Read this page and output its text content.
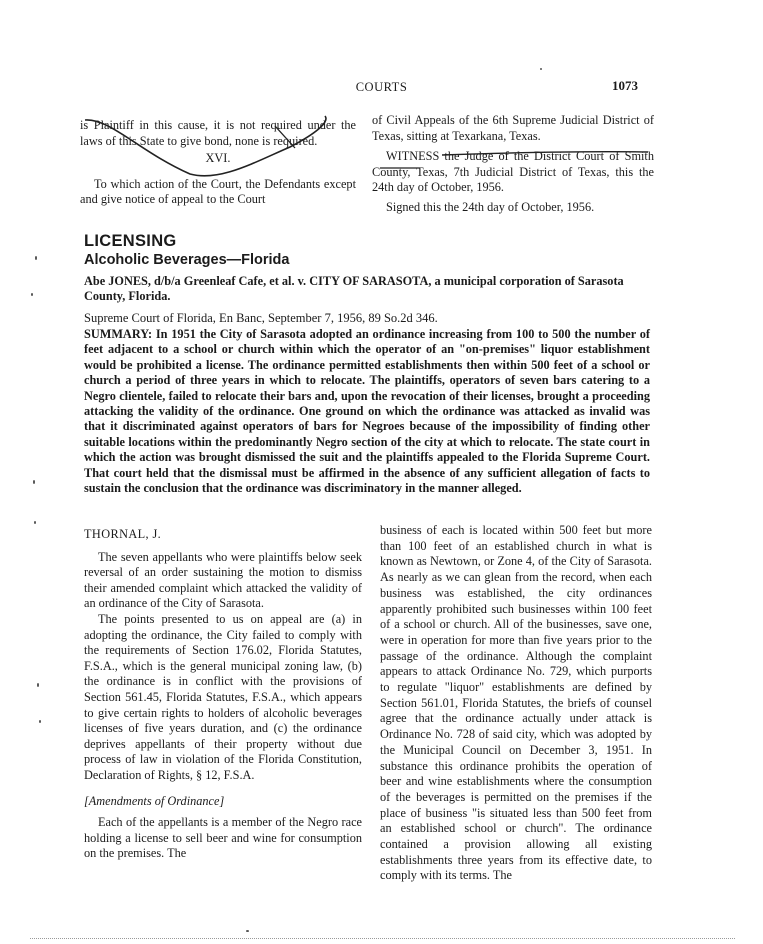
COURTS	1073

is Plaintiff in this cause, it is not required under the laws of this State to give bond, none is required.

XVI.

To which action of the Court, the Defendants except and give notice of appeal to the Court

of Civil Appeals of the 6th Supreme Judicial District of Texas, sitting at Texarkana, Texas.

WITNESS the Judge of the District Court of Smith County, Texas, 7th Judicial District of Texas, this the 24th day of October, 1956.

Signed this the 24th day of October, 1956.

LICENSING
Alcoholic Beverages—Florida
Abe JONES, d/b/a Greenleaf Cafe, et al. v. CITY OF SARASOTA, a municipal corporation of Sarasota County, Florida.
Supreme Court of Florida, En Banc, September 7, 1956, 89 So.2d 346.
SUMMARY: In 1951 the City of Sarasota adopted an ordinance increasing from 100 to 500 the number of feet adjacent to a school or church within which the operator of an "on-premises" liquor establishment would be prohibited a license. The ordinance permitted establishments then within 500 feet of a school or church a period of three years in which to relocate. The plaintiffs, operators of seven bars catering to a Negro clientele, failed to relocate their bars and, upon the revocation of their licenses, brought a proceeding attacking the validity of the ordinance. One ground on which the ordinance was attacked as invalid was that it discriminated against operators of bars for Negroes because of the impossibility of finding other suitable locations within the predominantly Negro section of the city at which to relocate. The state court in which the action was brought dismissed the suit and the plaintiffs appealed to the Florida Supreme Court. That court held that the dismissal must be affirmed in the absence of any sufficient allegation of facts to sustain the conclusion that the ordinance was discriminatory in the manner alleged.

THORNAL, J.

The seven appellants who were plaintiffs below seek reversal of an order sustaining the motion to dismiss their amended complaint which attacked the validity of an ordinance of the City of Sarasota.

The points presented to us on appeal are (a) in adopting the ordinance, the City failed to comply with the requirements of Section 176.02, Florida Statutes, F.S.A., which is the general municipal zoning law, (b) the ordinance is in conflict with the provisions of Section 561.45, Florida Statutes, F.S.A., which appears to give certain rights to holders of alcoholic beverages licenses of five years duration, and (c) the ordinance deprives appellants of their property without due process of law in violation of the Florida Constitution, Declaration of Rights, § 12, F.S.A.

[Amendments of Ordinance]

Each of the appellants is a member of the Negro race holding a license to sell beer and wine for consumption on the premises. The

business of each is located within 500 feet but more than 100 feet of an established church in what is known as Newtown, or Zone 4, of the City of Sarasota. As nearly as we can glean from the record, when each business was established, the city ordinances apparently prohibited such businesses within 100 feet of a school or church. All of the businesses, save one, were in operation for more than five years prior to the passage of the ordinance. Although the complaint appears to attack Ordinance No. 729, which purports to regulate "liquor" establishments are defined by Section 561.01, Florida Statutes, the briefs of counsel agree that the ordinance actually under attack is Ordinance No. 728 of said city, which was adopted by the Municipal Council on December 3, 1951. In substance this ordinance prohibits the operation of beer and wine establishments where the consumption of the beverages is permitted on the premises if the place of business "is situated less than 500 feet from an established school or church". The ordinance contained a provision allowing all existing establishments three years from its effective date, to comply with its terms. The
